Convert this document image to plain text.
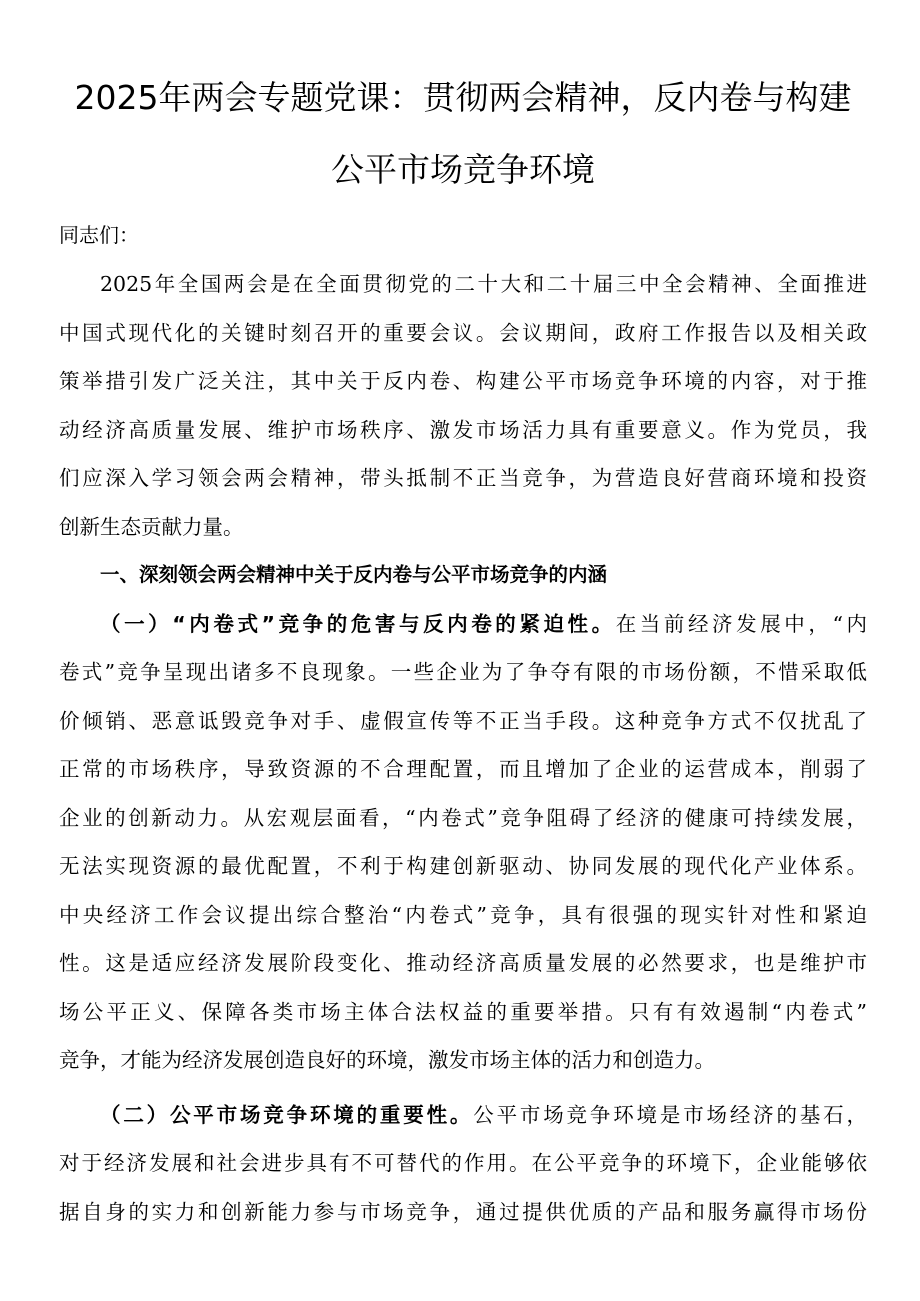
2025年两会专题党课：贯彻两会精神，反内卷与构建
公平市场竞争环境

同志们：

2025年全国两会是在全面贯彻党的二十大和二十届三中全会精神、全面推进
中国式现代化的关键时刻召开的重要会议。会议期间，政府工作报告以及相关政
策举措引发广泛关注，其中关于反内卷、构建公平市场竞争环境的内容，对于推
动经济高质量发展、维护市场秩序、激发市场活力具有重要意义。作为党员，我
们应深入学习领会两会精神，带头抵制不正当竞争，为营造良好营商环境和投资
创新生态贡献力量。

一、深刻领会两会精神中关于反内卷与公平市场竞争的内涵

（一）“内卷式”竞争的危害与反内卷的紧迫性。在当前经济发展中，“内
卷式”竞争呈现出诸多不良现象。一些企业为了争夺有限的市场份额，不惜采取低
价倾销、恶意诋毁竞争对手、虚假宣传等不正当手段。这种竞争方式不仅扰乱了
正常的市场秩序，导致资源的不合理配置，而且增加了企业的运营成本，削弱了
企业的创新动力。从宏观层面看，“内卷式”竞争阻碍了经济的健康可持续发展，
无法实现资源的最优配置，不利于构建创新驱动、协同发展的现代化产业体系。
中央经济工作会议提出综合整治“内卷式”竞争，具有很强的现实针对性和紧迫
性。这是适应经济发展阶段变化、推动经济高质量发展的必然要求，也是维护市
场公平正义、保障各类市场主体合法权益的重要举措。只有有效遏制“内卷式”
竞争，才能为经济发展创造良好的环境，激发市场主体的活力和创造力。
（二）公平市场竞争环境的重要性。公平市场竞争环境是市场经济的基石，
对于经济发展和社会进步具有不可替代的作用。在公平竞争的环境下，企业能够依
据自身的实力和创新能力参与市场竞争，通过提供优质的产品和服务赢得市场份
